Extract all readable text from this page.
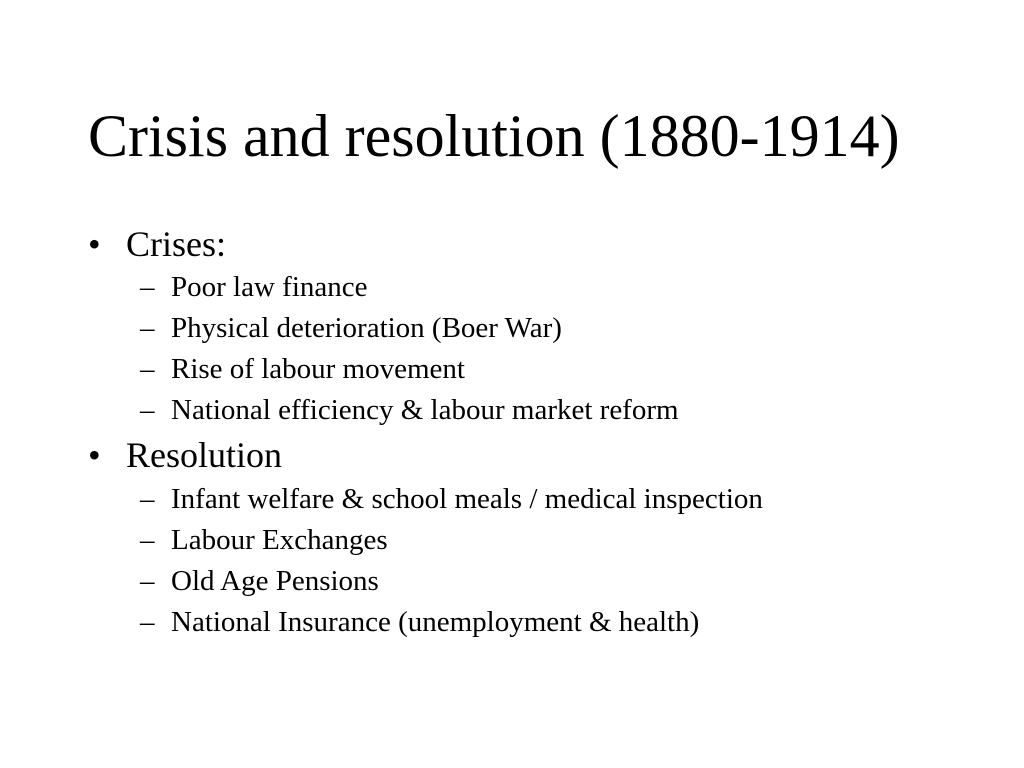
Crisis and resolution (1880-1914)
• Crises:
– Poor law finance
– Physical deterioration (Boer War)
– Rise of labour movement
– National efficiency & labour market reform
• Resolution
– Infant welfare & school meals / medical inspection
– Labour Exchanges
– Old Age Pensions
– National Insurance (unemployment & health)
